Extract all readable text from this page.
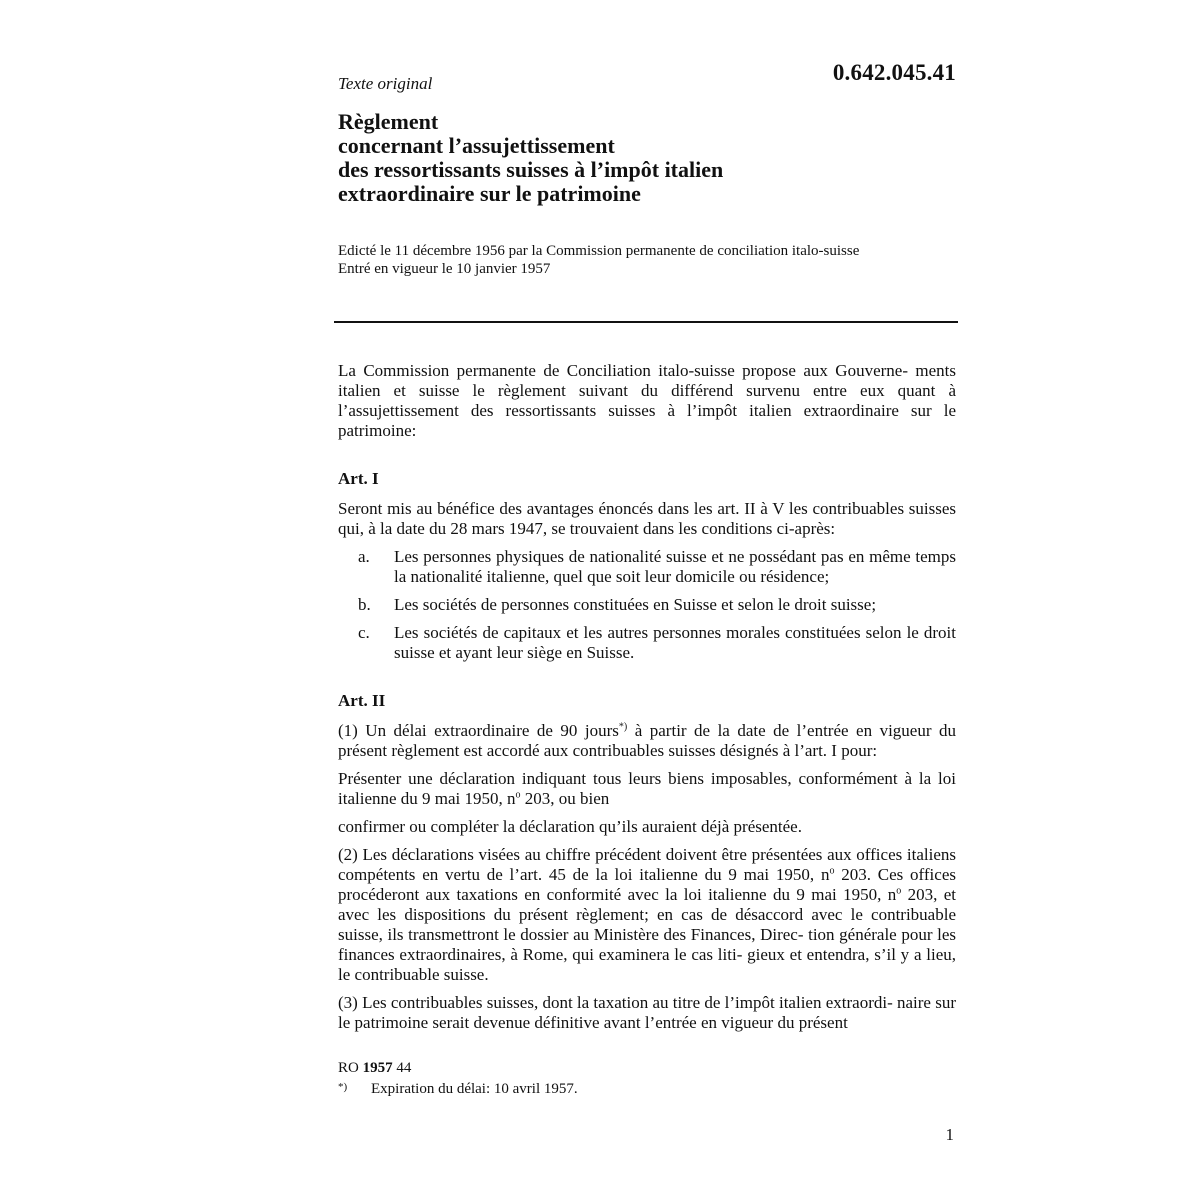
Texte original	0.642.045.41
Règlement
concernant l’assujettissement
des ressortissants suisses à l’impôt italien
extraordinaire sur le patrimoine
Edicté le 11 décembre 1956 par la Commission permanente de conciliation italo-suisse
Entré en vigueur le 10 janvier 1957

La Commission permanente de Conciliation italo-suisse propose aux Gouverne- ments italien et suisse le règlement suivant du différend survenu entre eux quant à l’assujettissement des ressortissants suisses à l’impôt italien extraordinaire sur le patrimoine:

Art. I

Seront mis au bénéfice des avantages énoncés dans les art. II à V les contribuables suisses qui, à la date du 28 mars 1947, se trouvaient dans les conditions ci-après:

a. Les personnes physiques de nationalité suisse et ne possédant pas en même temps la nationalité italienne, quel que soit leur domicile ou résidence;
b. Les sociétés de personnes constituées en Suisse et selon le droit suisse;
c. Les sociétés de capitaux et les autres personnes morales constituées selon le droit suisse et ayant leur siège en Suisse.
Art. II

(1) Un délai extraordinaire de 90 jours*) à partir de la date de l’entrée en vigueur du présent règlement est accordé aux contribuables suisses désignés à l’art. I pour:

Présenter une déclaration indiquant tous leurs biens imposables, conformément à la loi italienne du 9 mai 1950, $n^o$ 203, ou bien

confirmer ou compléter la déclaration qu’ils auraient déjà présentée.

(2) Les déclarations visées au chiffre précédent doivent être présentées aux offices italiens compétents en vertu de l’art. 45 de la loi italienne du 9 mai 1950, $n^o$ 203. Ces offices procéderont aux taxations en conformité avec la loi italienne du 9 mai 1950, $n^o$ 203, et avec les dispositions du présent règlement; en cas de désaccord avec le contribuable suisse, ils transmettront le dossier au Ministère des Finances, Direc- tion générale pour les finances extraordinaires, à Rome, qui examinera le cas liti- gieux et entendra, s’il y a lieu, le contribuable suisse.

(3) Les contribuables suisses, dont la taxation au titre de l’impôt italien extraordi- naire sur le patrimoine serait devenue définitive avant l’entrée en vigueur du présent

RO 1957 44
*) Expiration du délai: 10 avril 1957.
1
